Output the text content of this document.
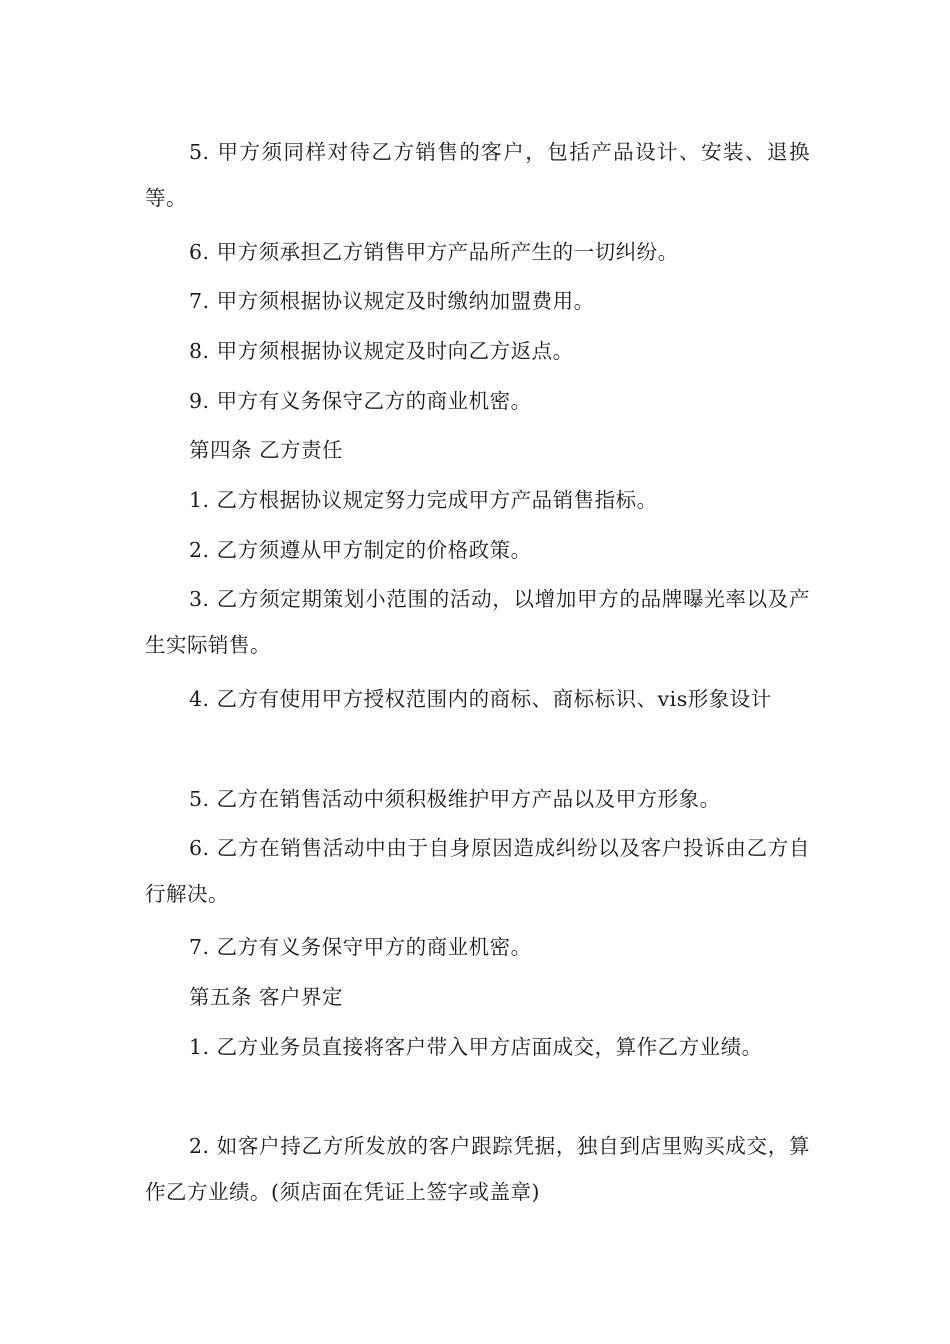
5. 甲方须同样对待乙方销售的客户，包括产品设计、安装、退换等。

6. 甲方须承担乙方销售甲方产品所产生的一切纠纷。

7. 甲方须根据协议规定及时缴纳加盟费用。

8. 甲方须根据协议规定及时向乙方返点。

9. 甲方有义务保守乙方的商业机密。

第四条 乙方责任

1. 乙方根据协议规定努力完成甲方产品销售指标。

2. 乙方须遵从甲方制定的价格政策。

3. 乙方须定期策划小范围的活动，以增加甲方的品牌曝光率以及产生实际销售。

4. 乙方有使用甲方授权范围内的商标、商标标识、vis形象设计

5. 乙方在销售活动中须积极维护甲方产品以及甲方形象。

6. 乙方在销售活动中由于自身原因造成纠纷以及客户投诉由乙方自行解决。

7. 乙方有义务保守甲方的商业机密。

第五条 客户界定

1. 乙方业务员直接将客户带入甲方店面成交，算作乙方业绩。

2. 如客户持乙方所发放的客户跟踪凭据，独自到店里购买成交，算作乙方业绩。(须店面在凭证上签字或盖章)
